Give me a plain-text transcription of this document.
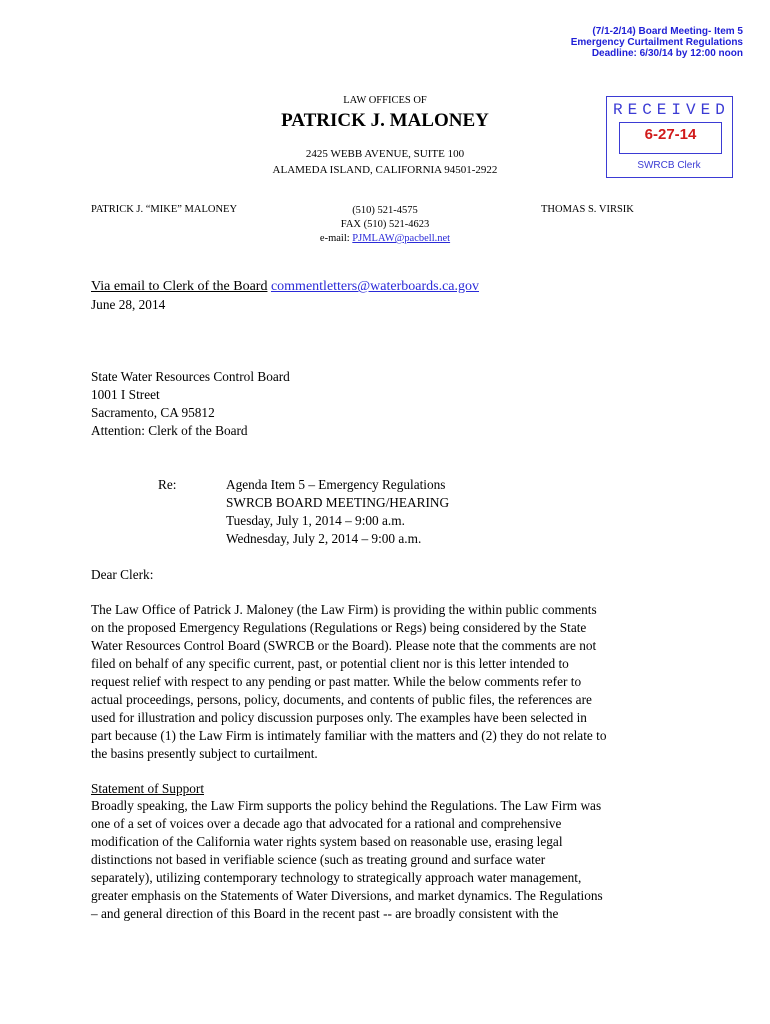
(7/1-2/14) Board Meeting- Item 5
Emergency Curtailment Regulations
Deadline: 6/30/14 by 12:00 noon
LAW OFFICES OF
PATRICK J. MALONEY
2425 WEBB AVENUE, SUITE 100
ALAMEDA ISLAND, CALIFORNIA 94501-2922
RECEIVED
6-27-14
SWRCB Clerk
PATRICK J. “MIKE” MALONEY	(510) 521-4575
FAX (510) 521-4623
e-mail: PJMLAW@pacbell.net
THOMAS S. VIRSIK
Via email to Clerk of the Board commentletters@waterboards.ca.gov
June 28, 2014
State Water Resources Control Board
1001 I Street
Sacramento, CA 95812
Attention: Clerk of the Board
Re:	Agenda Item 5 – Emergency Regulations
SWRCB BOARD MEETING/HEARING
Tuesday, July 1, 2014 – 9:00 a.m.
Wednesday, July 2, 2014 – 9:00 a.m.
Dear Clerk:
The Law Office of Patrick J. Maloney (the Law Firm) is providing the within public comments
on the proposed Emergency Regulations (Regulations or Regs) being considered by the State
Water Resources Control Board (SWRCB or the Board). Please note that the comments are not
filed on behalf of any specific current, past, or potential client nor is this letter intended to
request relief with respect to any pending or past matter. While the below comments refer to
actual proceedings, persons, policy, documents, and contents of public files, the references are
used for illustration and policy discussion purposes only. The examples have been selected in
part because (1) the Law Firm is intimately familiar with the matters and (2) they do not relate to
the basins presently subject to curtailment.
Statement of Support
Broadly speaking, the Law Firm supports the policy behind the Regulations. The Law Firm was
one of a set of voices over a decade ago that advocated for a rational and comprehensive
modification of the California water rights system based on reasonable use, erasing legal
distinctions not based in verifiable science (such as treating ground and surface water
separately), utilizing contemporary technology to strategically approach water management,
greater emphasis on the Statements of Water Diversions, and market dynamics. The Regulations
– and general direction of this Board in the recent past -- are broadly consistent with the
